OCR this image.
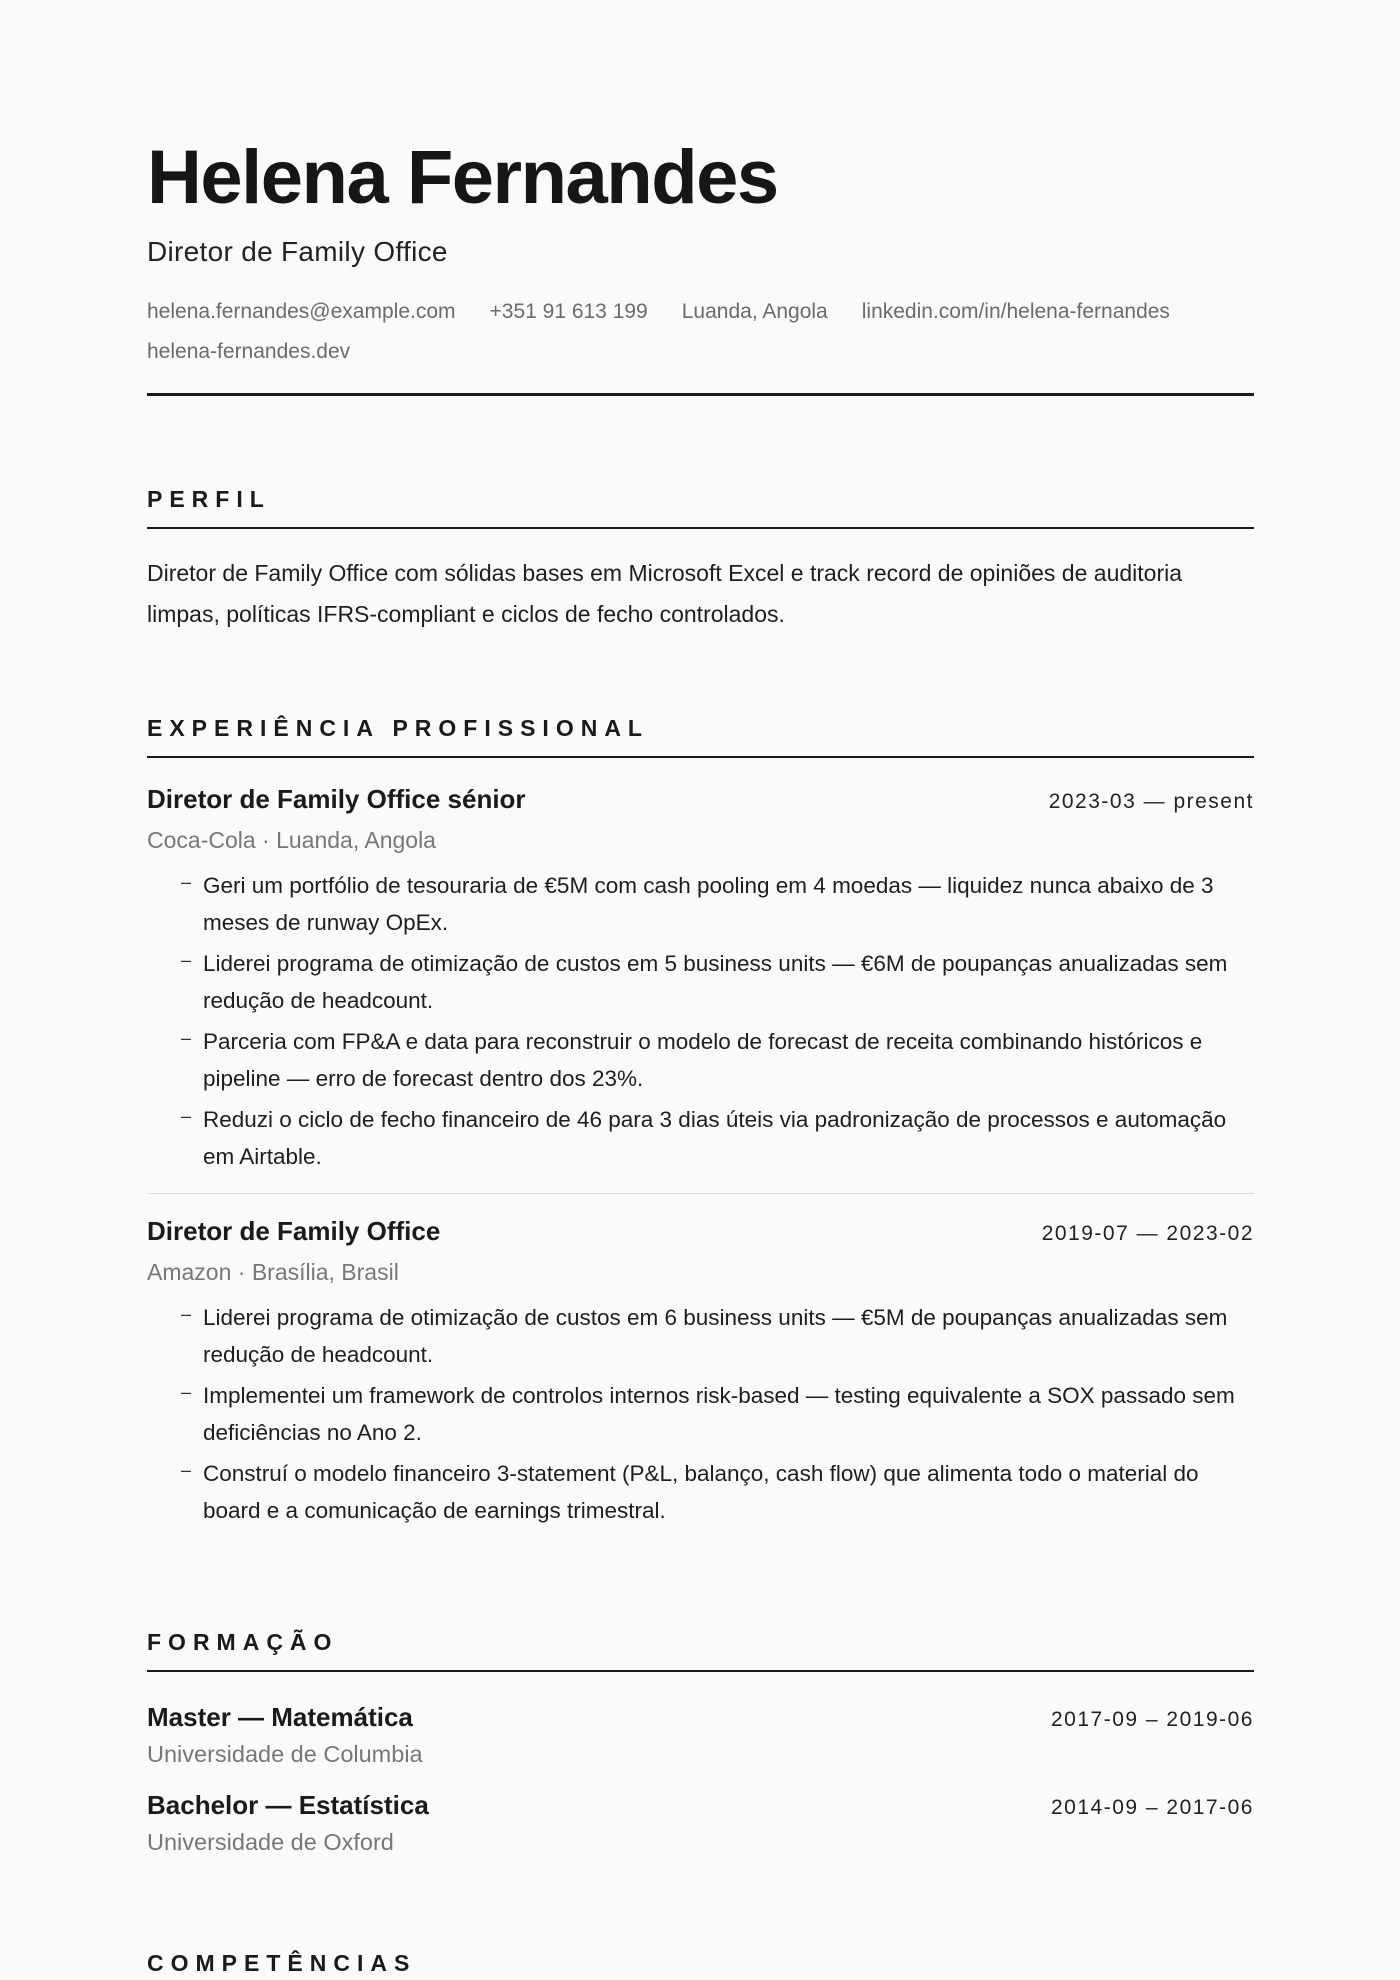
Helena Fernandes
Diretor de Family Office
helena.fernandes@example.com +351 91 613 199 Luanda, Angola linkedin.com/in/helena-fernandes
helena-fernandes.dev
PERFIL

Diretor de Family Office com sólidas bases em Microsoft Excel e track record de opiniões de auditoria limpas, políticas IFRS-compliant e ciclos de fecho controlados.

EXPERIÊNCIA PROFISSIONAL
Diretor de Family Office sénior	2023-03 — present
Coca-Cola · Luanda, Angola
– Geri um portfólio de tesouraria de €5M com cash pooling em 4 moedas — liquidez nunca abaixo de 3 meses de runway OpEx.
– Liderei programa de otimização de custos em 5 business units — €6M de poupanças anualizadas sem redução de headcount.
– Parceria com FP&A e data para reconstruir o modelo de forecast de receita combinando históricos e pipeline — erro de forecast dentro dos 23%.
– Reduzi o ciclo de fecho financeiro de 46 para 3 dias úteis via padronização de processos e automação em Airtable.
Diretor de Family Office	2019-07 — 2023-02
Amazon · Brasília, Brasil
– Liderei programa de otimização de custos em 6 business units — €5M de poupanças anualizadas sem redução de headcount.
– Implementei um framework de controlos internos risk-based — testing equivalente a SOX passado sem deficiências no Ano 2.
– Construí o modelo financeiro 3-statement (P&L, balanço, cash flow) que alimenta todo o material do board e a comunicação de earnings trimestral.
FORMAÇÃO
Master — Matemática	2017-09 – 2019-06
Universidade de Columbia
Bachelor — Estatística	2014-09 – 2017-06
Universidade de Oxford
COMPETÊNCIAS
